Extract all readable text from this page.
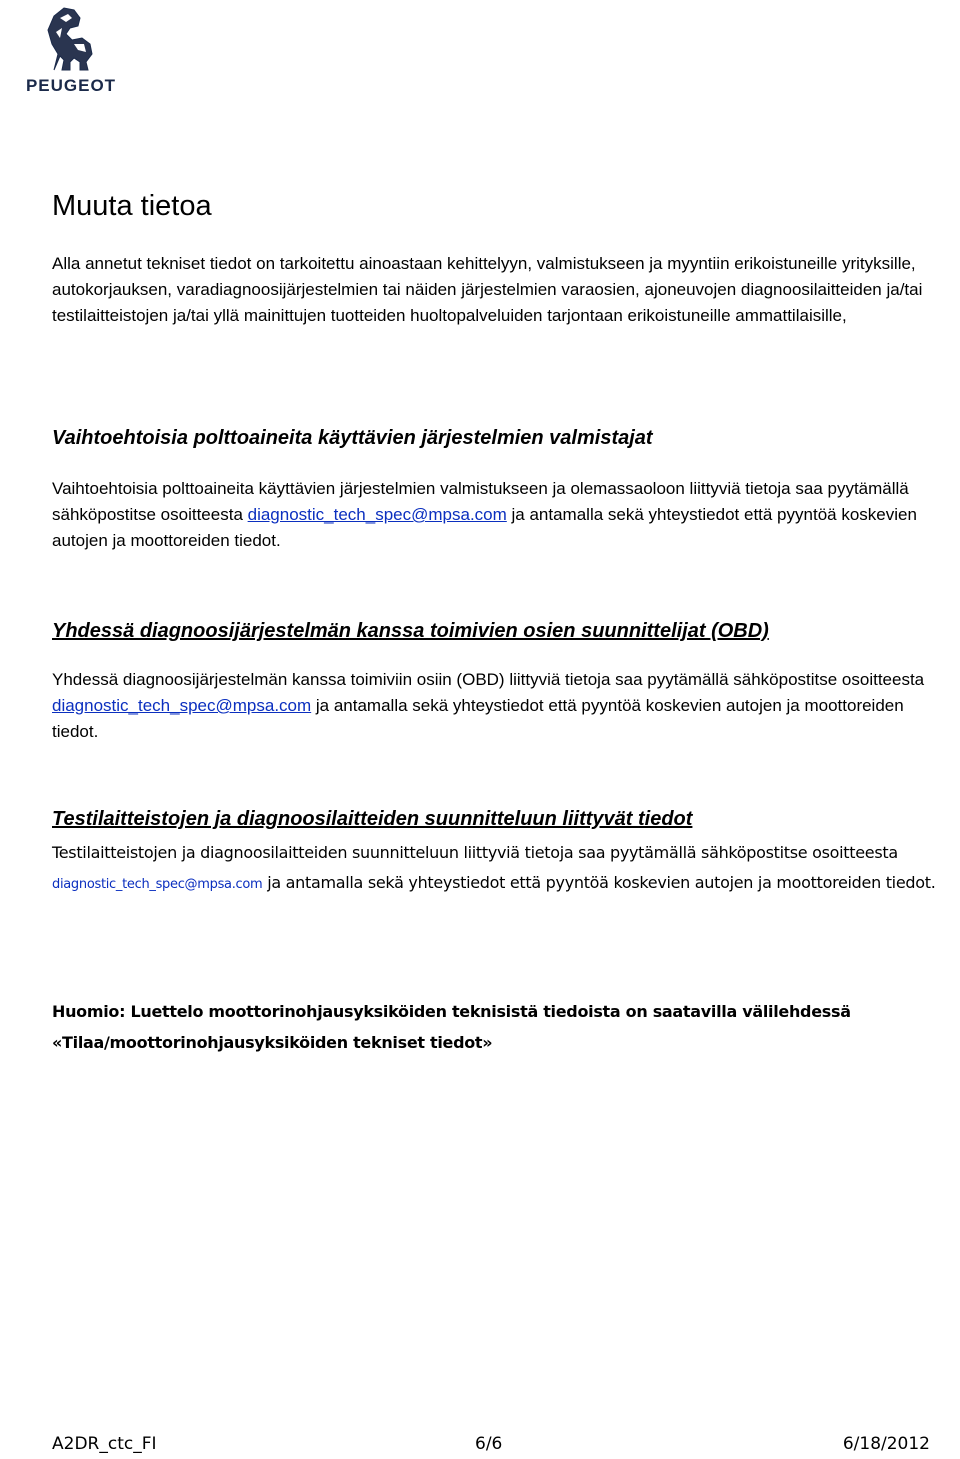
PEUGEOT
Muuta tietoa

Alla annetut tekniset tiedot on tarkoitettu ainoastaan kehittelyyn, valmistukseen ja myyntiin erikoistuneille yrityksille, autokorjauksen, varadiagnoosijärjestelmien tai näiden järjestelmien varaosien, ajoneuvojen diagnoosilaitteiden ja/tai testilaitteistojen ja/tai yllä mainittujen tuotteiden huoltopalveluiden tarjontaan erikoistuneille ammattilaisille,

Vaihtoehtoisia polttoaineita käyttävien järjestelmien valmistajat

Vaihtoehtoisia polttoaineita käyttävien järjestelmien valmistukseen ja olemassaoloon liittyviä tietoja saa pyytämällä sähköpostitse osoitteesta diagnostic_tech_spec@mpsa.com ja antamalla sekä yhteystiedot että pyyntöä koskevien autojen ja moottoreiden tiedot.

Yhdessä diagnoosijärjestelmän kanssa toimivien osien suunnittelijat (OBD)

Yhdessä diagnoosijärjestelmän kanssa toimiviin osiin (OBD) liittyviä tietoja saa pyytämällä sähköpostitse osoitteesta diagnostic_tech_spec@mpsa.com ja antamalla sekä yhteystiedot että pyyntöä koskevien autojen ja moottoreiden tiedot.

Testilaitteistojen ja diagnoosilaitteiden suunnitteluun liittyvät tiedot

Testilaitteistojen ja diagnoosilaitteiden suunnitteluun liittyviä tietoja saa pyytämällä sähköpostitse osoitteesta diagnostic_tech_spec@mpsa.com ja antamalla sekä yhteystiedot että pyyntöä koskevien autojen ja moottoreiden tiedot.

Huomio: Luettelo moottorinohjausyksiköiden teknisistä tiedoista on saatavilla välilehdessä
«Tilaa/moottorinohjausyksiköiden tekniset tiedot»
A2DR_ctc_FI	6/6	6/18/2012
